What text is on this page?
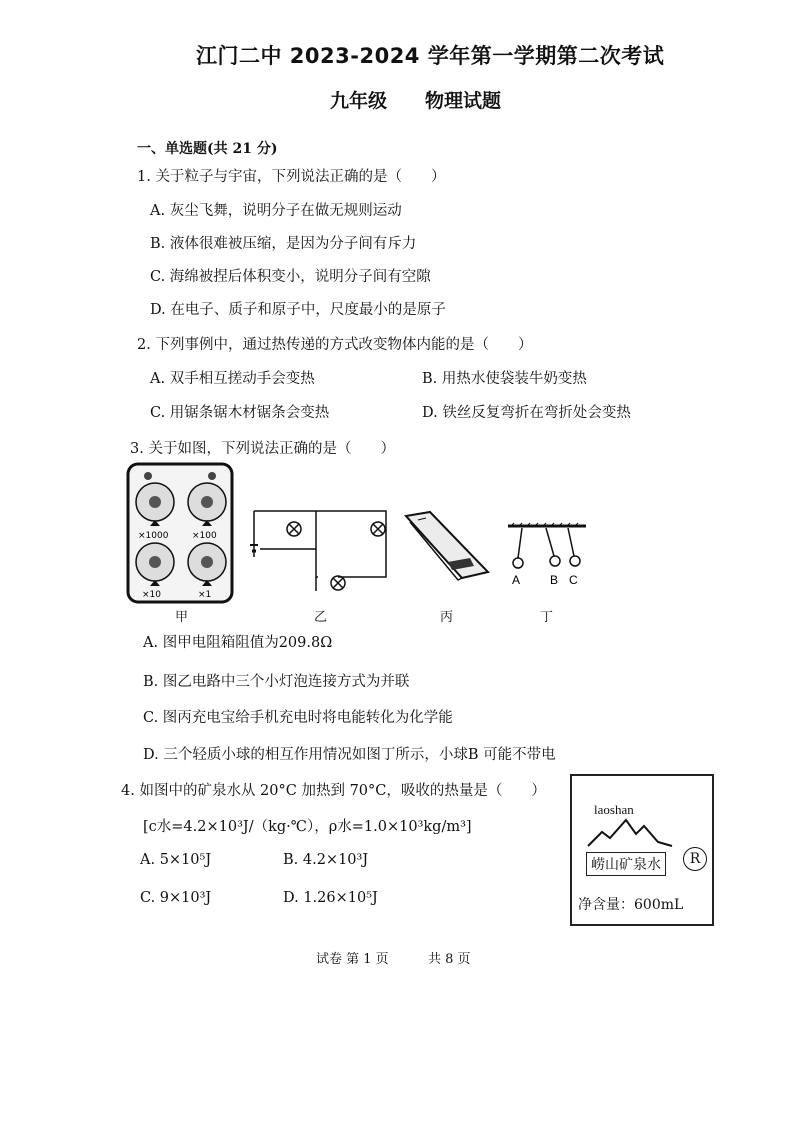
江门二中 2023-2024 学年第一学期第二次考试
九年级 物理试题
一、单选题(共 21 分)
1. 关于粒子与宇宙，下列说法正确的是（　　）
A. 灰尘飞舞，说明分子在做无规则运动
B. 液体很难被压缩，是因为分子间有斥力
C. 海绵被捏后体积变小，说明分子间有空隙
D. 在电子、质子和原子中，尺度最小的是原子
2. 下列事例中，通过热传递的方式改变物体内能的是（　　）
A. 双手相互搓动手会变热	B. 用热水使袋装牛奶变热
C. 用锯条锯木材锯条会变热	D. 铁丝反复弯折在弯折处会变热
3. 关于如图，下列说法正确的是（　　）
×1000	×100
×10	×1
甲	乙	丙
A B C
丁
A. 图甲电阻箱阻值为209.8Ω
B. 图乙电路中三个小灯泡连接方式为并联
C. 图丙充电宝给手机充电时将电能转化为化学能
D. 三个轻质小球的相互作用情况如图丁所示，小球B 可能不带电
4. 如图中的矿泉水从 20°C 加热到 70°C，吸收的热量是（　　）
[c水=4.2×10³J/（kg·℃），ρ水=1.0×10³kg/m³]
A. 5×10⁵J	B. 4.2×10³J
C. 9×10³J	D. 1.26×10⁵J
laoshan
崂山矿泉水	R
净含量：600mL
试卷 第 1 页	共 8 页
